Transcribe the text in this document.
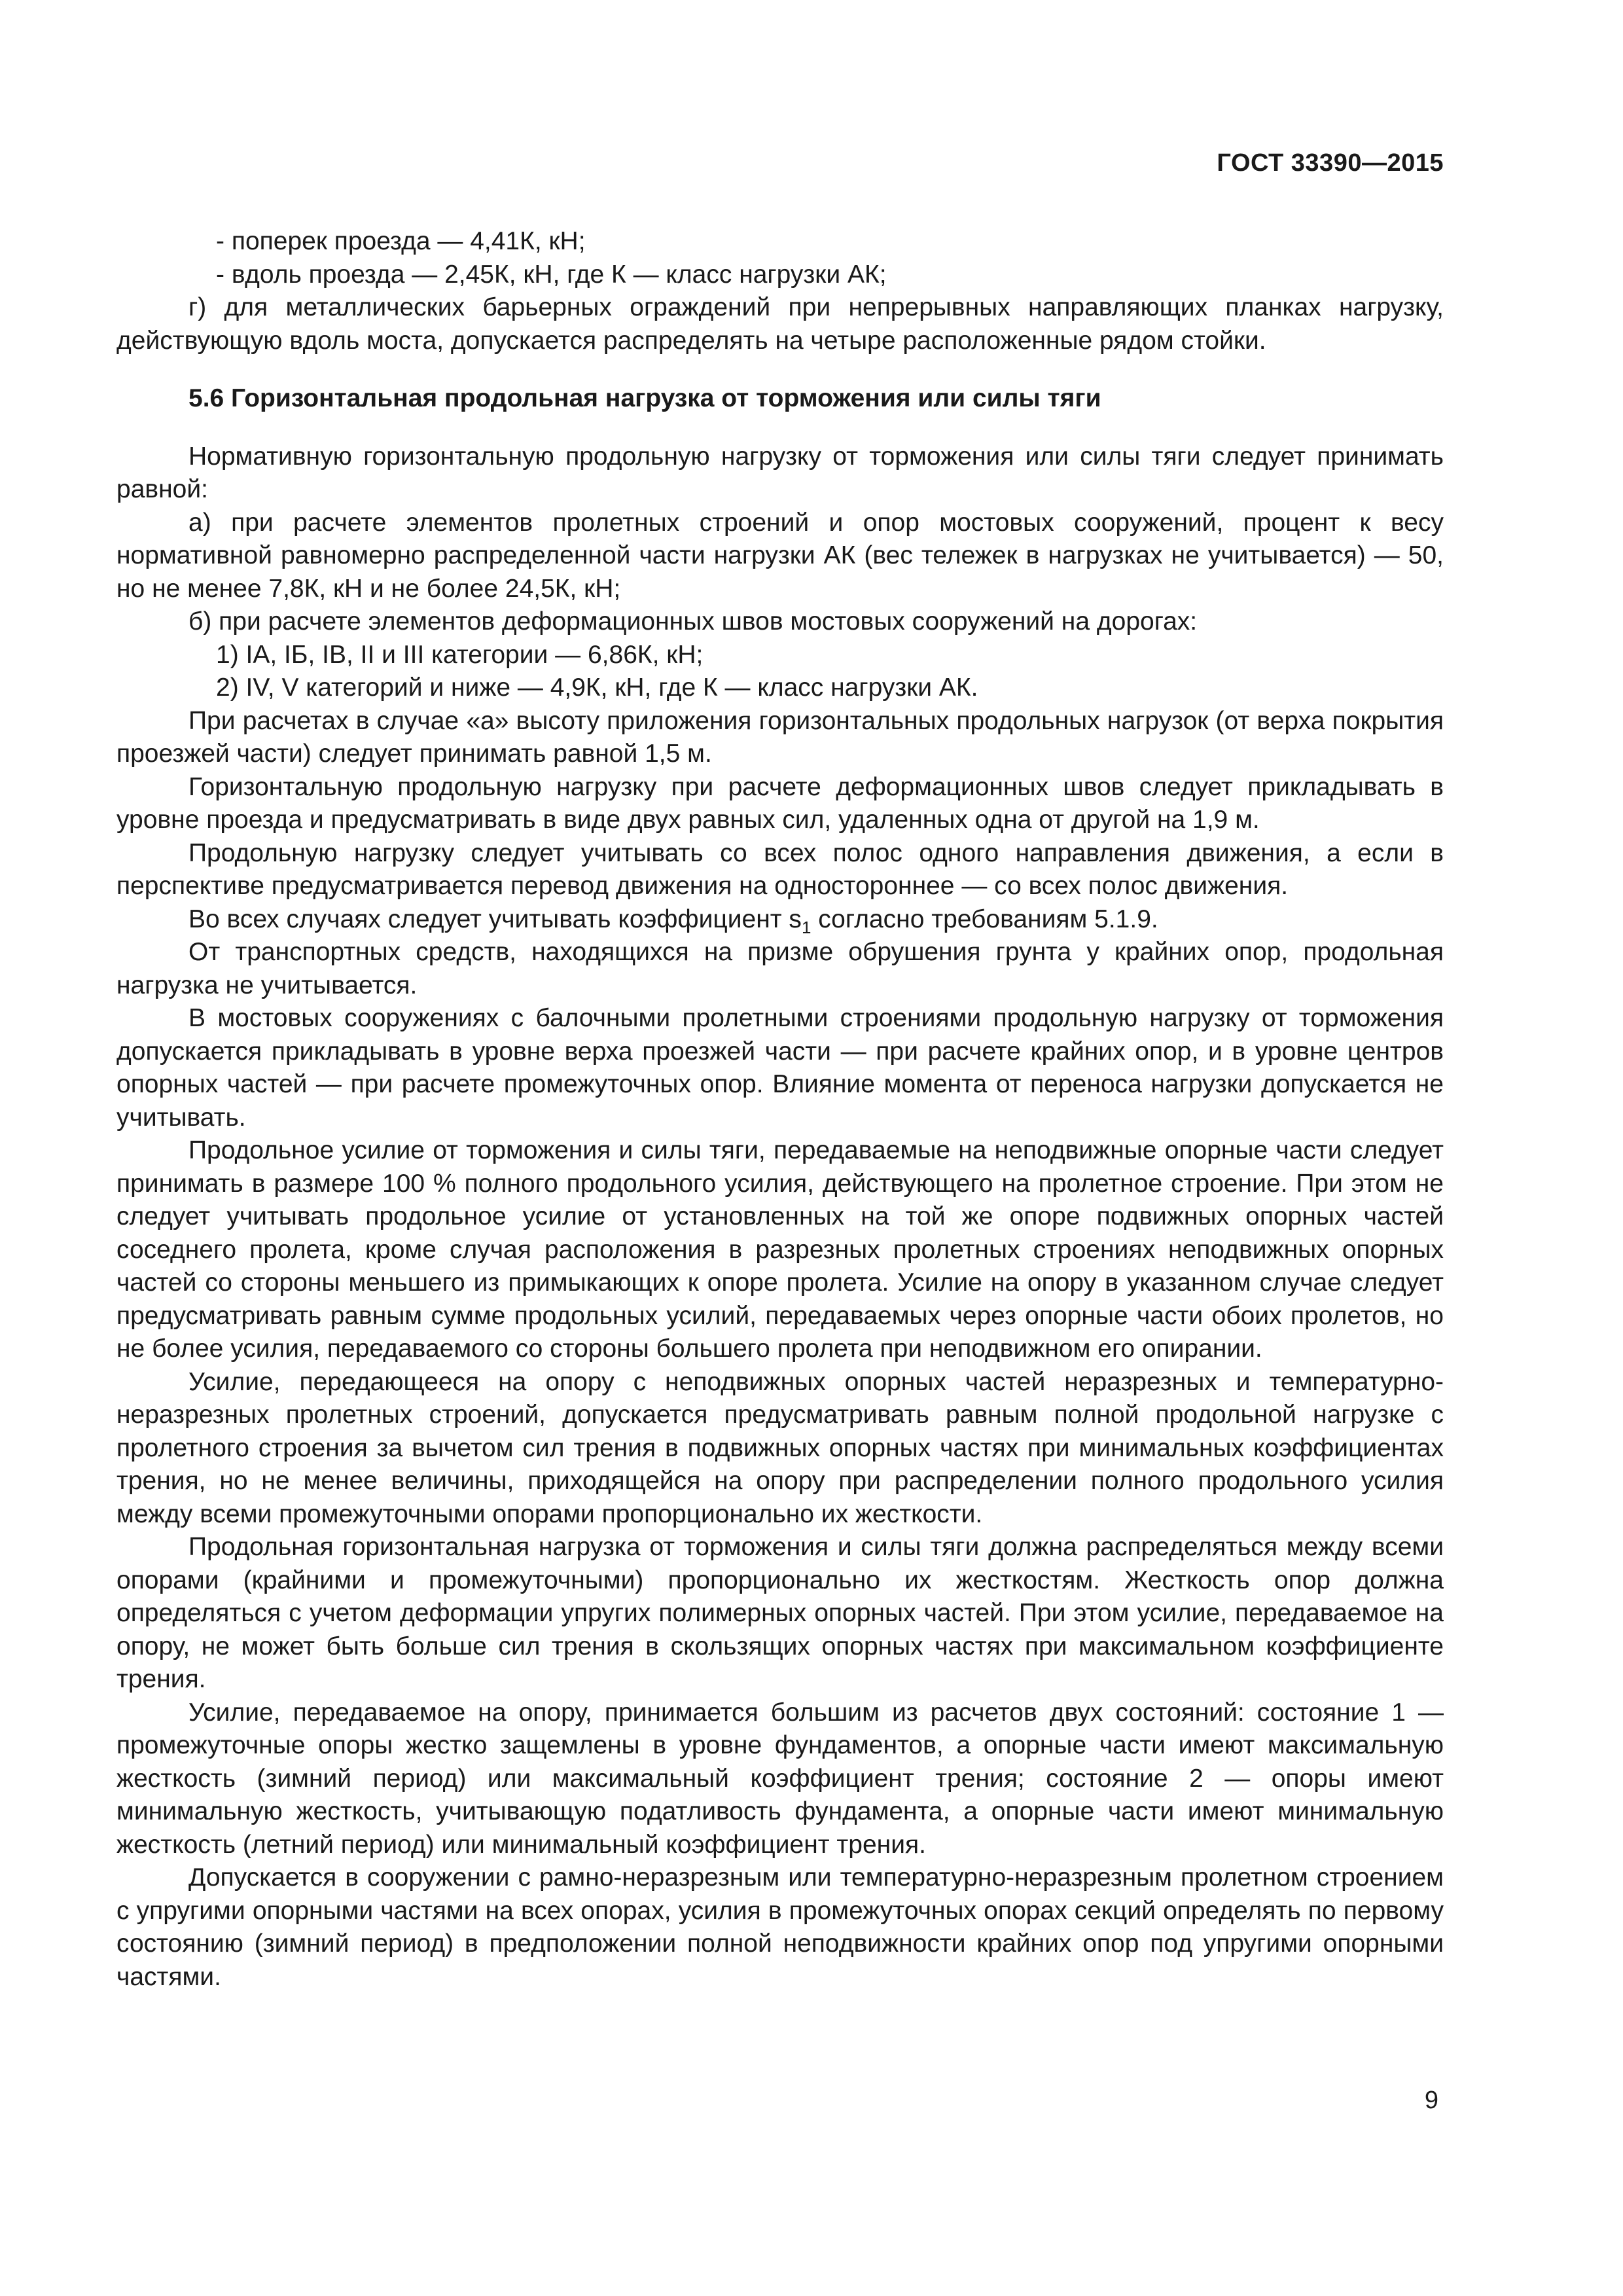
ГОСТ 33390—2015

- поперек проезда — 4,41К, кН;

- вдоль проезда — 2,45К, кН, где К — класс нагрузки АК;

г) для металлических барьерных ограждений при непрерывных направляющих планках нагрузку, действующую вдоль моста, допускается распределять на четыре расположенные рядом стойки.

5.6 Горизонтальная продольная нагрузка от торможения или силы тяги

Нормативную горизонтальную продольную нагрузку от торможения или силы тяги следует принимать равной:

а) при расчете элементов пролетных строений и опор мостовых сооружений, процент к весу нормативной равномерно распределенной части нагрузки АК (вес тележек в нагрузках не учитывается) — 50, но не менее 7,8К, кН и не более 24,5К, кН;

б) при расчете элементов деформационных швов мостовых сооружений на дорогах:

1) IA, IБ, IB, II и III категории — 6,86К, кН;

2) IV, V категорий и ниже — 4,9К, кН, где К — класс нагрузки АК.

При расчетах в случае «а» высоту приложения горизонтальных продольных нагрузок (от верха покрытия проезжей части) следует принимать равной 1,5 м.

Горизонтальную продольную нагрузку при расчете деформационных швов следует прикладывать в уровне проезда и предусматривать в виде двух равных сил, удаленных одна от другой на 1,9 м.

Продольную нагрузку следует учитывать со всех полос одного направления движения, а если в перспективе предусматривается перевод движения на одностороннее — со всех полос движения.

Во всех случаях следует учитывать коэффициент $s_1$ согласно требованиям 5.1.9.

От транспортных средств, находящихся на призме обрушения грунта у крайних опор, продольная нагрузка не учитывается.

В мостовых сооружениях с балочными пролетными строениями продольную нагрузку от торможения допускается прикладывать в уровне верха проезжей части — при расчете крайних опор, и в уровне центров опорных частей — при расчете промежуточных опор. Влияние момента от переноса нагрузки допускается не учитывать.

Продольное усилие от торможения и силы тяги, передаваемые на неподвижные опорные части следует принимать в размере 100 % полного продольного усилия, действующего на пролетное строение. При этом не следует учитывать продольное усилие от установленных на той же опоре подвижных опорных частей соседнего пролета, кроме случая расположения в разрезных пролетных строениях неподвижных опорных частей со стороны меньшего из примыкающих к опоре пролета. Усилие на опору в указанном случае следует предусматривать равным сумме продольных усилий, передаваемых через опорные части обоих пролетов, но не более усилия, передаваемого со стороны большего пролета при неподвижном его опирании.

Усилие, передающееся на опору с неподвижных опорных частей неразрезных и температурно-неразрезных пролетных строений, допускается предусматривать равным полной продольной нагрузке с пролетного строения за вычетом сил трения в подвижных опорных частях при минимальных коэффициентах трения, но не менее величины, приходящейся на опору при распределении полного продольного усилия между всеми промежуточными опорами пропорционально их жесткости.

Продольная горизонтальная нагрузка от торможения и силы тяги должна распределяться между всеми опорами (крайними и промежуточными) пропорционально их жесткостям. Жесткость опор должна определяться с учетом деформации упругих полимерных опорных частей. При этом усилие, передаваемое на опору, не может быть больше сил трения в скользящих опорных частях при максимальном коэффициенте трения.

Усилие, передаваемое на опору, принимается большим из расчетов двух состояний: состояние 1 — промежуточные опоры жестко защемлены в уровне фундаментов, а опорные части имеют максимальную жесткость (зимний период) или максимальный коэффициент трения; состояние 2 — опоры имеют минимальную жесткость, учитывающую податливость фундамента, а опорные части имеют минимальную жесткость (летний период) или минимальный коэффициент трения.

Допускается в сооружении с рамно-неразрезным или температурно-неразрезным пролетном строением с упругими опорными частями на всех опорах, усилия в промежуточных опорах секций определять по первому состоянию (зимний период) в предположении полной неподвижности крайних опор под упругими опорными частями.

9
